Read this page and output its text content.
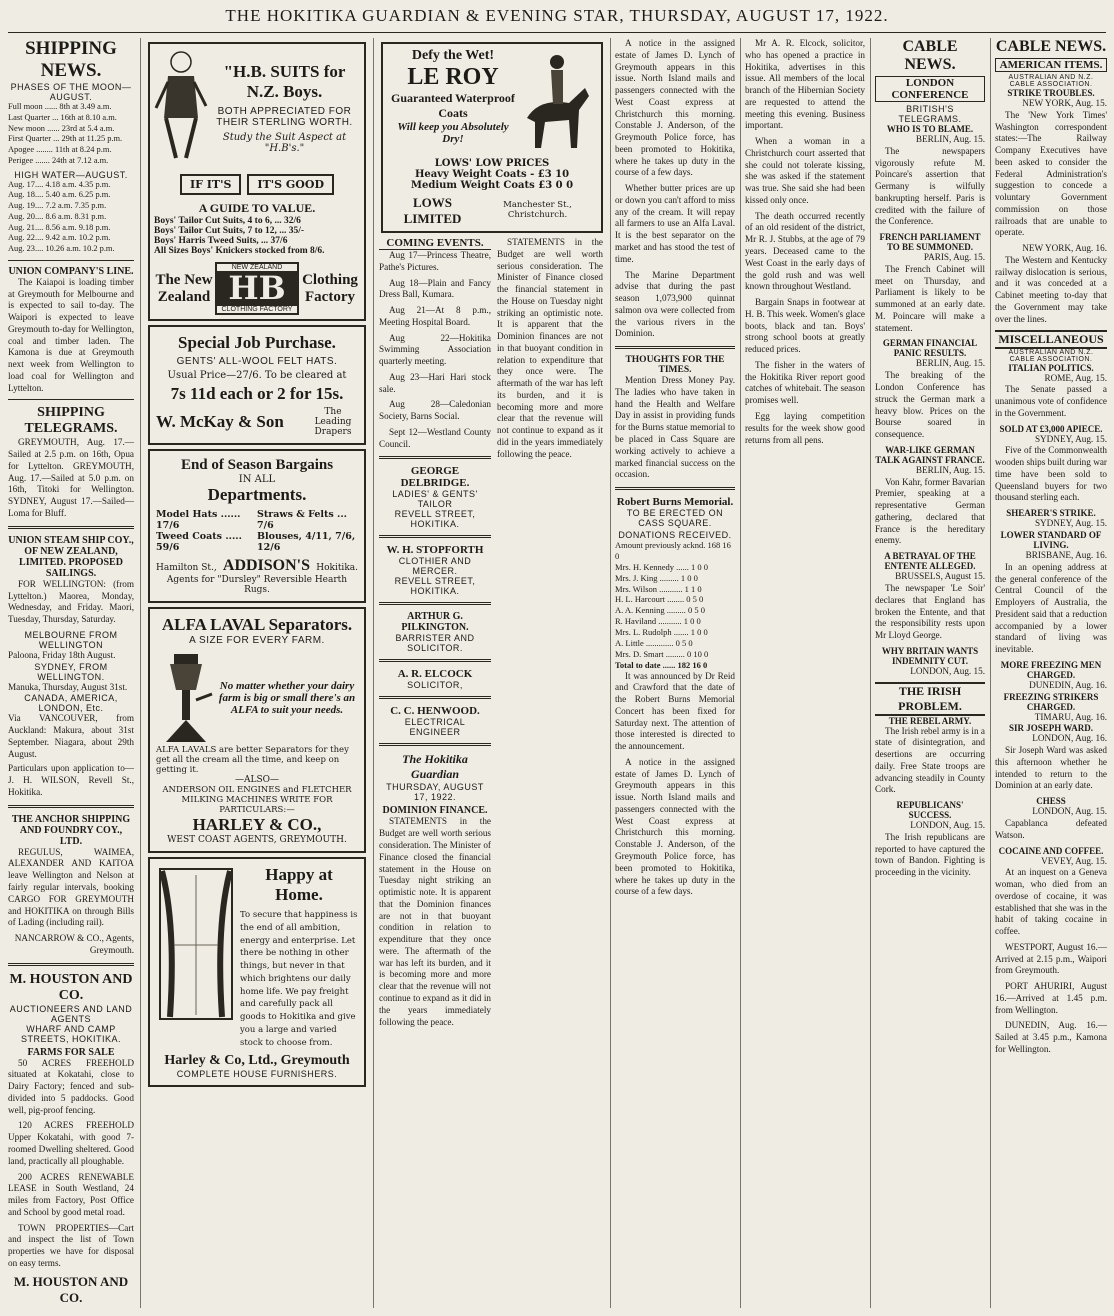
THE HOKITIKA GUARDIAN & EVENING STAR, THURSDAY, AUGUST 17, 1922.
SHIPPING NEWS.
PHASES OF THE MOON—AUGUST.
Full moon ...... 8th at 3.49 a.m.
Last Quarter ... 16th at 8.10 a.m.
New moon ...... 23rd at 5.4 a.m.
First Quarter ... 29th at 11.25 p.m.
Apogee ........ 11th at 8.24 p.m.
Perigee ....... 24th at 7.12 a.m.
HIGH WATER—AUGUST.
Aug. 17.... 4.18 a.m. 4.35 p.m.
Aug. 18.... 5.40 a.m. 6.25 p.m.
Aug. 19.... 7.2 a.m. 7.35 p.m.
Aug. 20.... 8.6 a.m. 8.31 p.m.
Aug. 21.... 8.56 a.m. 9.18 p.m.
Aug. 22.... 9.42 a.m. 10.2 p.m.
Aug. 23.... 10.26 a.m. 10.2 p.m.
UNION COMPANY'S LINE.

The Kaiapoi is loading timber at Greymouth for Melbourne and is expected to sail to-day. The Waipori is expected to leave Greymouth to-day for Wellington, coal and timber laden. The Kamona is due at Greymouth next week from Wellington to load coal for Wellington and Lyttelton.

SHIPPING TELEGRAMS.

GREYMOUTH, Aug. 17.—Sailed at 2.5 p.m. on 16th, Opua for Lyttelton. GREYMOUTH, Aug. 17.—Sailed at 5.0 p.m. on 16th, Titoki for Wellington. SYDNEY, August 17.—Sailed—Loma for Bluff.

UNION STEAM SHIP COY., OF NEW ZEALAND, LIMITED. PROPOSED SAILINGS.

FOR WELLINGTON: (from Lyttelton.) Maorea, Monday, Wednesday, and Friday. Maori, Tuesday, Thursday, Saturday.

MELBOURNE FROM WELLINGTON
Paloona, Friday 18th August.
SYDNEY, FROM WELLINGTON.
Manuka, Thursday, August 31st.
CANADA, AMERICA, LONDON, Etc.
Via VANCOUVER, from Auckland: Makura, about 31st September. Niagara, about 29th August.
Particulars upon application to— J. H. WILSON, Revell St., Hokitika.
THE ANCHOR SHIPPING AND FOUNDRY COY., LTD.

REGULUS, WAIMEA, ALEXANDER AND KAITOA leave Wellington and Nelson at fairly regular intervals, booking CARGO FOR GREYMOUTH and HOKITIKA on through Bills of Lading (including rail).

NANCARROW & CO., Agents, Greymouth.
M. HOUSTON AND CO.
AUCTIONEERS AND LAND AGENTS
WHARF AND CAMP STREETS, HOKITIKA.
FARMS FOR SALE

50 ACRES FREEHOLD situated at Kokatahi, close to Dairy Factory; fenced and sub-divided into 5 paddocks. Good well, pig-proof fencing.

120 ACRES FREEHOLD Upper Kokatahi, with good 7-roomed Dwelling sheltered. Good land, practically all ploughable.

200 ACRES RENEWABLE LEASE in South Westland, 24 miles from Factory, Post Office and School by good metal road.

TOWN PROPERTIES—Cart and inspect the list of Town properties we have for disposal on easy terms.

M. HOUSTON AND CO.
"H.B. SUITS for N.Z. Boys.
BOTH APPRECIATED FOR THEIR STERLING WORTH.
Study the Suit Aspect at "H.B's."
IF IT'S	IT'S GOOD
A GUIDE TO VALUE.
Boys' Tailor Cut Suits, 4 to 6, ... 32/6
Boys' Tailor Cut Suits, 7 to 12, ... 35/-
Boys' Harris Tweed Suits, ... 37/6
All Sizes Boys' Knickers stocked from 8/6.
The New Zealand
NEW ZEALAND
HB
CLOTHING FACTORY
Clothing Factory
Special Job Purchase.
GENTS' ALL-WOOL FELT HATS.
Usual Price—27/6. To be cleared at
7s 11d each or 2 for 15s.
W. McKay & Son	The Leading Drapers
End of Season Bargains
IN ALL
Departments.
Model Hats ...... 17/6
Straws & Felts ... 7/6
Tweed Coats ..... 59/6
Blouses, 4/11, 7/6, 12/6
Hamilton St., ADDISON'S Hokitika.
Agents for "Dursley" Reversible Hearth Rugs.
ALFA LAVAL Separators.
A SIZE FOR EVERY FARM.
No matter whether your dairy farm is big or small there's an ALFA to suit your needs.
ALFA LAVALS are better Separators for they get all the cream all the time, and keep on getting it.
—ALSO—
ANDERSON OIL ENGINES and FLETCHER MILKING MACHINES WRITE FOR PARTICULARS:—
HARLEY & CO.,
WEST COAST AGENTS, GREYMOUTH.
Happy at Home.
To secure that happiness is the end of all ambition, energy and enterprise. Let there be nothing in other things, but never in that which brightens our daily home life. We pay freight and carefully pack all goods to Hokitika and give you a large and varied stock to choose from.
Harley & Co, Ltd., Greymouth
COMPLETE HOUSE FURNISHERS.
Defy the Wet!
LE ROY
Guaranteed Waterproof Coats
Will keep you Absolutely Dry!
LOWS' LOW PRICES
Heavy Weight Coats - £3 10
Medium Weight Coats £3 0 0
LOWS LIMITED
Manchester St., Christchurch.
COMING EVENTS.

Aug 17—Princess Theatre, Pathe's Pictures.

Aug 18—Plain and Fancy Dress Ball, Kumara.

Aug 21—At 8 p.m., Meeting Hospital Board.

Aug 22—Hokitika Swimming Association quarterly meeting.

Aug 23—Hari Hari stock sale.

Aug 28—Caledonian Society, Barns Social.

Sept 12—Westland County Council.

GEORGE DELBRIDGE.
LADIES' & GENTS' TAILOR
REVELL STREET, HOKITIKA.
W. H. STOPFORTH
CLOTHIER AND MERCER.
REVELL STREET, HOKITIKA.
ARTHUR G. PILKINGTON.
BARRISTER AND SOLICITOR.
A. R. ELCOCK
SOLICITOR,
C. C. HENWOOD.
ELECTRICAL ENGINEER
The Hokitika Guardian
THURSDAY, AUGUST 17, 1922.
DOMINION FINANCE.

STATEMENTS in the Budget are well worth serious consideration. The Minister of Finance closed the financial statement in the House on Tuesday night striking an optimistic note. It is apparent that the Dominion finances are not in that buoyant condition in relation to expenditure that they once were. The aftermath of the war has left its burden, and it is becoming more and more clear that the revenue will not continue to expand as it did in the years immediately following the peace.

STATEMENTS in the Budget are well worth serious consideration. The Minister of Finance closed the financial statement in the House on Tuesday night striking an optimistic note. It is apparent that the Dominion finances are not in that buoyant condition in relation to expenditure that they once were. The aftermath of the war has left its burden, and it is becoming more and more clear that the revenue will not continue to expand as it did in the years immediately following the peace.

A notice in the assigned estate of James D. Lynch of Greymouth appears in this issue. North Island mails and passengers connected with the West Coast express at Christchurch this morning. Constable J. Anderson, of the Greymouth Police force, has been promoted to Hokitika, where he takes up duty in the course of a few days.

Whether butter prices are up or down you can't afford to miss any of the cream. It will repay all farmers to use an Alfa Laval. It is the best separator on the market and has stood the test of time.

The Marine Department advise that during the past season 1,073,900 quinnat salmon ova were collected from the various rivers in the Dominion.

THOUGHTS FOR THE TIMES.

Mention Dress Money Pay. The ladies who have taken in hand the Health and Welfare Day in assist in providing funds for the Burns statue memorial to be placed in Cass Square are working actively to achieve a marked financial success on the occasion.

Robert Burns Memorial.
TO BE ERECTED ON CASS SQUARE.
DONATIONS RECEIVED.
Amount previously acknd. 168 16 0
Mrs. H. Kennedy ...... 1 0 0
Mrs. J. King ......... 1 0 0
Mrs. Wilson ........... 1 1 0
H. L. Harcourt ........ 0 5 0
A. A. Kenning ......... 0 5 0
R. Haviland ........... 1 0 0
Mrs. L. Rudolph ....... 1 0 0
A. Little ............. 0 5 0
Mrs. D. Smart ......... 0 10 0
Total to date ...... 182 16 0

It was announced by Dr Reid and Crawford that the date of the Robert Burns Memorial Concert has been fixed for Saturday next. The attention of those interested is directed to the announcement.

A notice in the assigned estate of James D. Lynch of Greymouth appears in this issue. North Island mails and passengers connected with the West Coast express at Christchurch this morning. Constable J. Anderson, of the Greymouth Police force, has been promoted to Hokitika, where he takes up duty in the course of a few days.

Mr A. R. Elcock, solicitor, who has opened a practice in Hokitika, advertises in this issue. All members of the local branch of the Hibernian Society are requested to attend the meeting this evening. Business important.

When a woman in a Christchurch court asserted that she could not tolerate kissing, she was asked if the statement was true. She said she had been kissed only once.

The death occurred recently of an old resident of the district, Mr R. J. Stubbs, at the age of 79 years. Deceased came to the West Coast in the early days of the gold rush and was well known throughout Westland.

Bargain Snaps in footwear at H. B. This week. Women's glace boots, black and tan. Boys' strong school boots at greatly reduced prices.

The fisher in the waters of the Hokitika River report good catches of whitebait. The season promises well.

Egg laying competition results for the week show good returns from all pens.

CABLE NEWS.
LONDON CONFERENCE
BRITISH'S TELEGRAMS.
WHO IS TO BLAME.
BERLIN, Aug. 15.

The newspapers vigorously refute M. Poincare's assertion that Germany is wilfully bankrupting herself. Paris is credited with the failure of the Conference.

FRENCH PARLIAMENT TO BE SUMMONED.
PARIS, Aug. 15.

The French Cabinet will meet on Thursday, and Parliament is likely to be summoned at an early date. M. Poincare will make a statement.

GERMAN FINANCIAL PANIC RESULTS.
BERLIN, Aug. 15.

The breaking of the London Conference has struck the German mark a heavy blow. Prices on the Bourse soared in consequence.

WAR-LIKE GERMAN TALK AGAINST FRANCE.
BERLIN, Aug. 15.

Von Kahr, former Bavarian Premier, speaking at a representative German gathering, declared that France is the hereditary enemy.

A BETRAYAL OF THE ENTENTE ALLEGED.
BRUSSELS, August 15.

The newspaper 'Le Soir' declares that England has broken the Entente, and that the responsibility rests upon Mr Lloyd George.

WHY BRITAIN WANTS INDEMNITY CUT.
LONDON, Aug. 15.
THE IRISH PROBLEM.
THE REBEL ARMY.

The Irish rebel army is in a state of disintegration, and desertions are occurring daily. Free State troops are advancing steadily in County Cork.

REPUBLICANS' SUCCESS.
LONDON, Aug. 15.

The Irish republicans are reported to have captured the town of Bandon. Fighting is proceeding in the vicinity.

CABLE NEWS.
AMERICAN ITEMS.
AUSTRALIAN AND N.Z. CABLE ASSOCIATION.
STRIKE TROUBLES.
NEW YORK, Aug. 15.

The 'New York Times' Washington correspondent states:—The Railway Company Executives have been asked to consider the Federal Administration's suggestion to concede a voluntary Government commission on those railroads that are unable to operate.

NEW YORK, Aug. 16.

The Western and Kentucky railway dislocation is serious, and it was conceded at a Cabinet meeting to-day that the Government may take over the lines.

MISCELLANEOUS
AUSTRALIAN AND N.Z. CABLE ASSOCIATION.
ITALIAN POLITICS.
ROME, Aug. 15.

The Senate passed a unanimous vote of confidence in the Government.

SOLD AT £3,000 APIECE.
SYDNEY, Aug. 15.

Five of the Commonwealth wooden ships built during war time have been sold to Queensland buyers for two thousand sterling each.

SHEARER'S STRIKE.
SYDNEY, Aug. 15.
LOWER STANDARD OF LIVING.
BRISBANE, Aug. 16.

In an opening address at the general conference of the Central Council of the Employers of Australia, the President said that a reduction accompanied by a lower standard of living was inevitable.

MORE FREEZING MEN CHARGED.
DUNEDIN, Aug. 16.
FREEZING STRIKERS CHARGED.
TIMARU, Aug. 16.
SIR JOSEPH WARD.
LONDON, Aug. 16.

Sir Joseph Ward was asked this afternoon whether he intended to return to the Dominion at an early date.

CHESS
LONDON, Aug. 15.

Capablanca defeated Watson.

COCAINE AND COFFEE.
VEVEY, Aug. 15.

At an inquest on a Geneva woman, who died from an overdose of cocaine, it was established that she was in the habit of taking cocaine in coffee.

WESTPORT, August 16.—Arrived at 2.15 p.m., Waipori from Greymouth.

PORT AHURIRI, August 16.—Arrived at 1.45 p.m. from Wellington.

DUNEDIN, Aug. 16.—Sailed at 3.45 p.m., Kamona for Wellington.
